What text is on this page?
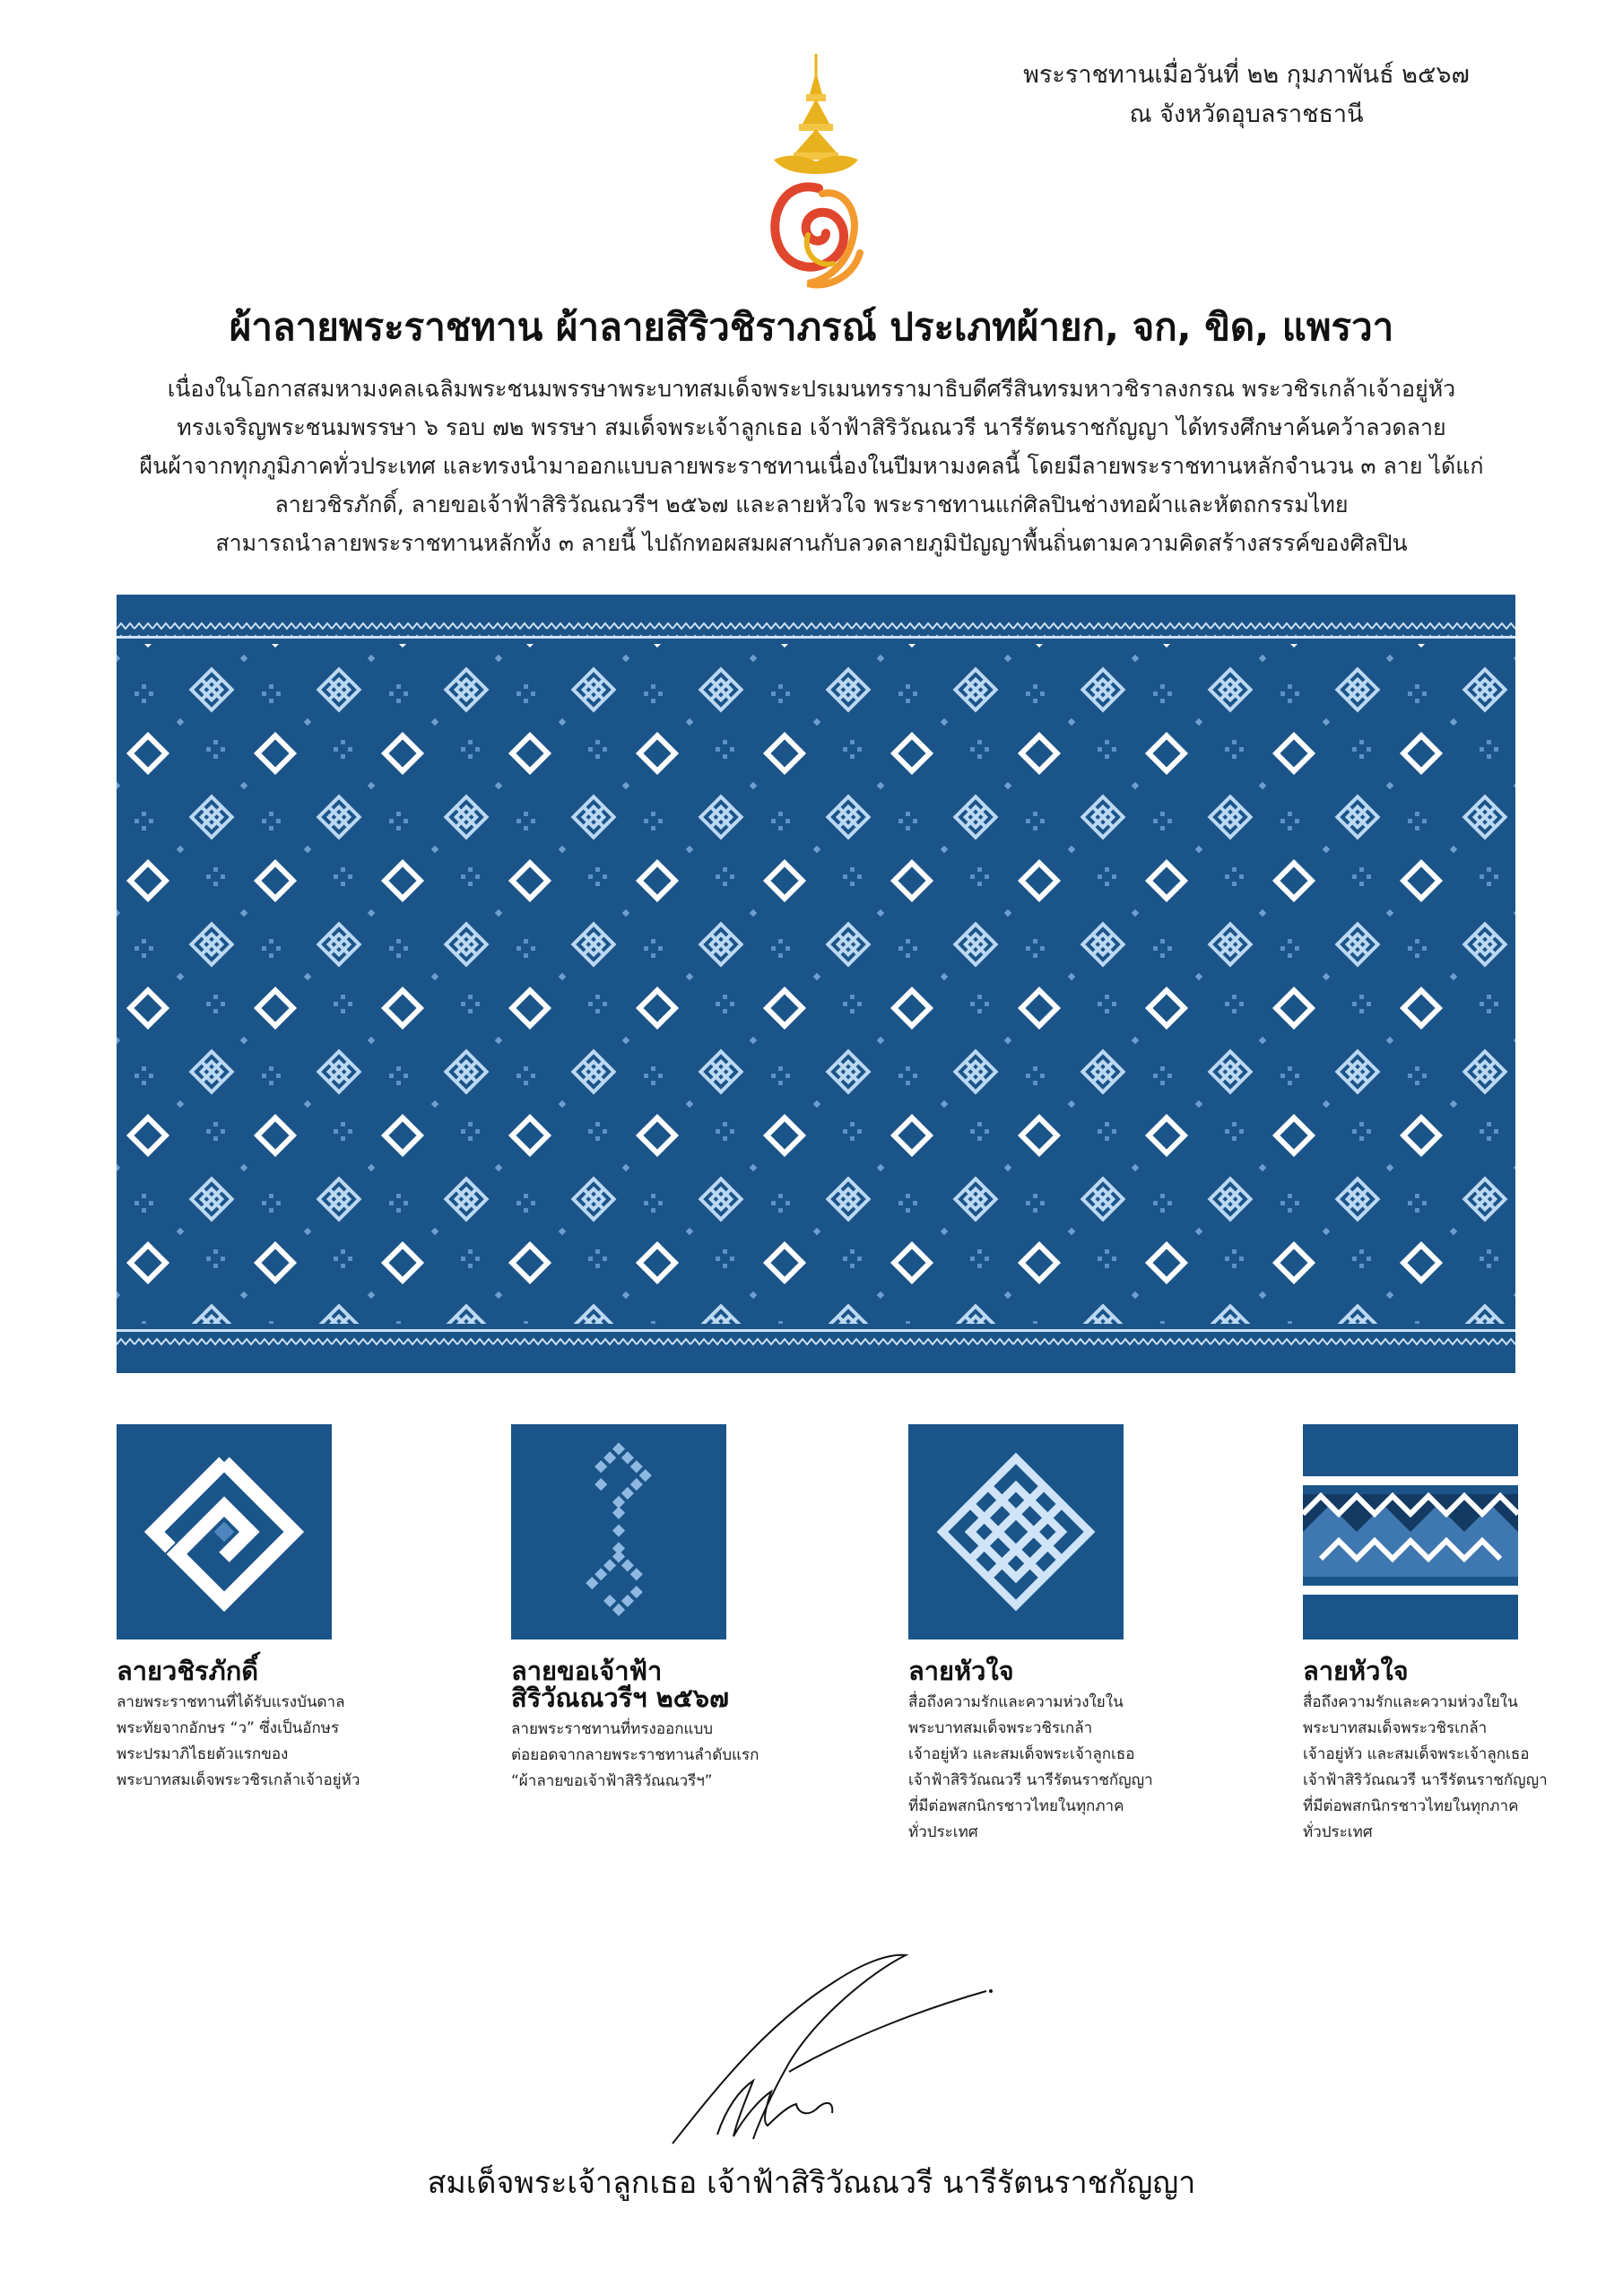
พระราชทานเมื่อวันที่ ๒๒ กุมภาพันธ์ ๒๕๖๗
ณ จังหวัดอุบลราชธานี
ผ้าลายพระราชทาน ผ้าลายสิริวชิราภรณ์ ประเภทผ้ายก, จก, ขิด, แพรวา
เนื่องในโอกาสสมหามงคลเฉลิมพระชนมพรรษาพระบาทสมเด็จพระปรเมนทรรามาธิบดีศรีสินทรมหาวชิราลงกรณ พระวชิรเกล้าเจ้าอยู่หัว
ทรงเจริญพระชนมพรรษา ๖ รอบ ๗๒ พรรษา สมเด็จพระเจ้าลูกเธอ เจ้าฟ้าสิริวัณณวรี นารีรัตนราชกัญญา ได้ทรงศึกษาค้นคว้าลวดลาย
ผืนผ้าจากทุกภูมิภาคทั่วประเทศ และทรงนำมาออกแบบลายพระราชทานเนื่องในปีมหามงคลนี้ โดยมีลายพระราชทานหลักจำนวน ๓ ลาย ได้แก่
ลายวชิรภักดิ์, ลายขอเจ้าฟ้าสิริวัณณวรีฯ ๒๕๖๗ และลายหัวใจ พระราชทานแก่ศิลปินช่างทอผ้าและหัตถกรรมไทย
สามารถนำลายพระราชทานหลักทั้ง ๓ ลายนี้ ไปถักทอผสมผสานกับลวดลายภูมิปัญญาพื้นถิ่นตามความคิดสร้างสรรค์ของศิลปิน
ลายวชิรภักดิ์
ลายพระราชทานที่ได้รับแรงบันดาล
พระทัยจากอักษร “ว” ซึ่งเป็นอักษร
พระปรมาภิไธยตัวแรกของ
พระบาทสมเด็จพระวชิรเกล้าเจ้าอยู่หัว
ลายขอเจ้าฟ้า
สิริวัณณวรีฯ ๒๕๖๗
ลายพระราชทานที่ทรงออกแบบ
ต่อยอดจากลายพระราชทานลำดับแรก
“ผ้าลายขอเจ้าฟ้าสิริวัณณวรีฯ”
ลายหัวใจ
สื่อถึงความรักและความห่วงใยใน
พระบาทสมเด็จพระวชิรเกล้า
เจ้าอยู่หัว และสมเด็จพระเจ้าลูกเธอ
เจ้าฟ้าสิริวัณณวรี นารีรัตนราชกัญญา
ที่มีต่อพสกนิกรชาวไทยในทุกภาค
ทั่วประเทศ
ลายหัวใจ
สื่อถึงความรักและความห่วงใยใน
พระบาทสมเด็จพระวชิรเกล้า
เจ้าอยู่หัว และสมเด็จพระเจ้าลูกเธอ
เจ้าฟ้าสิริวัณณวรี นารีรัตนราชกัญญา
ที่มีต่อพสกนิกรชาวไทยในทุกภาค
ทั่วประเทศ
สมเด็จพระเจ้าลูกเธอ เจ้าฟ้าสิริวัณณวรี นารีรัตนราชกัญญา
